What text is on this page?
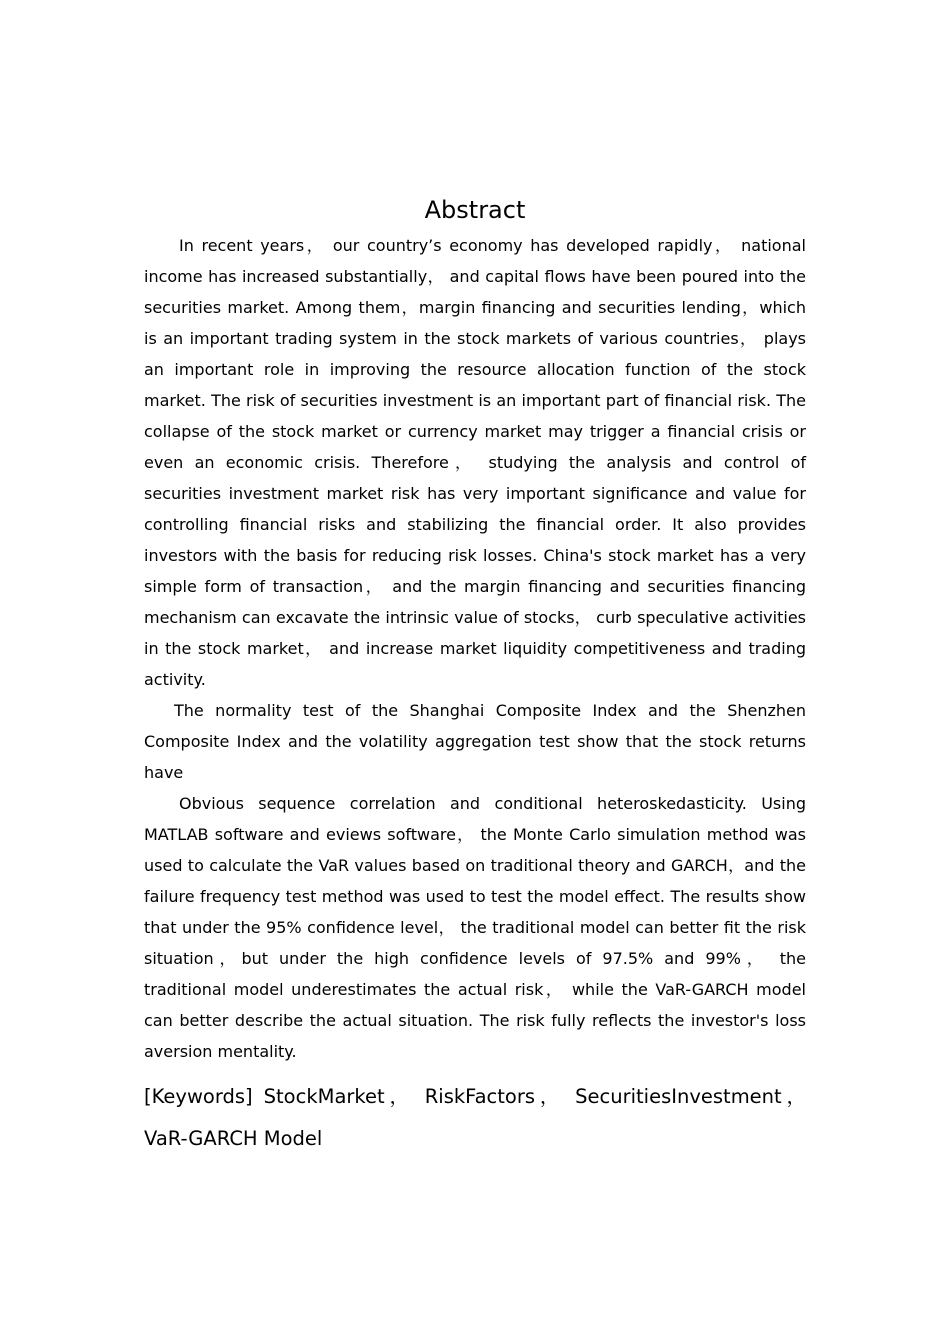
Abstract

In recent years， our country’s economy has developed rapidly， national income has increased substantially， and capital flows have been poured into the securities market. Among them，margin financing and securities lending，which is an important trading system in the stock markets of various countries， plays an important role in improving the resource allocation function of the stock market. The risk of securities investment is an important part of financial risk. The collapse of the stock market or currency market may trigger a financial crisis or even an economic crisis. Therefore， studying the analysis and control of securities investment market risk has very important significance and value for controlling financial risks and stabilizing the financial order. It also provides investors with the basis for reducing risk losses. China's stock market has a very simple form of transaction， and the margin financing and securities financing mechanism can excavate the intrinsic value of stocks， curb speculative activities in the stock market， and increase market liquidity competitiveness and trading activity.

The normality test of the Shanghai Composite Index and the Shenzhen Composite Index and the volatility aggregation test show that the stock returns have

Obvious sequence correlation and conditional heteroskedasticity. Using MATLAB software and eviews software， the Monte Carlo simulation method was used to calculate the VaR values based on traditional theory and GARCH，and the failure frequency test method was used to test the model effect. The results show that under the 95% confidence level， the traditional model can better fit the risk situation，but under the high confidence levels of 97.5% and 99%， the traditional model underestimates the actual risk， while the VaR-GARCH model can better describe the actual situation. The risk fully reflects the investor's loss aversion mentality.

[Keywords] StockMarket， RiskFactors， SecuritiesInvestment， VaR-GARCH Model
